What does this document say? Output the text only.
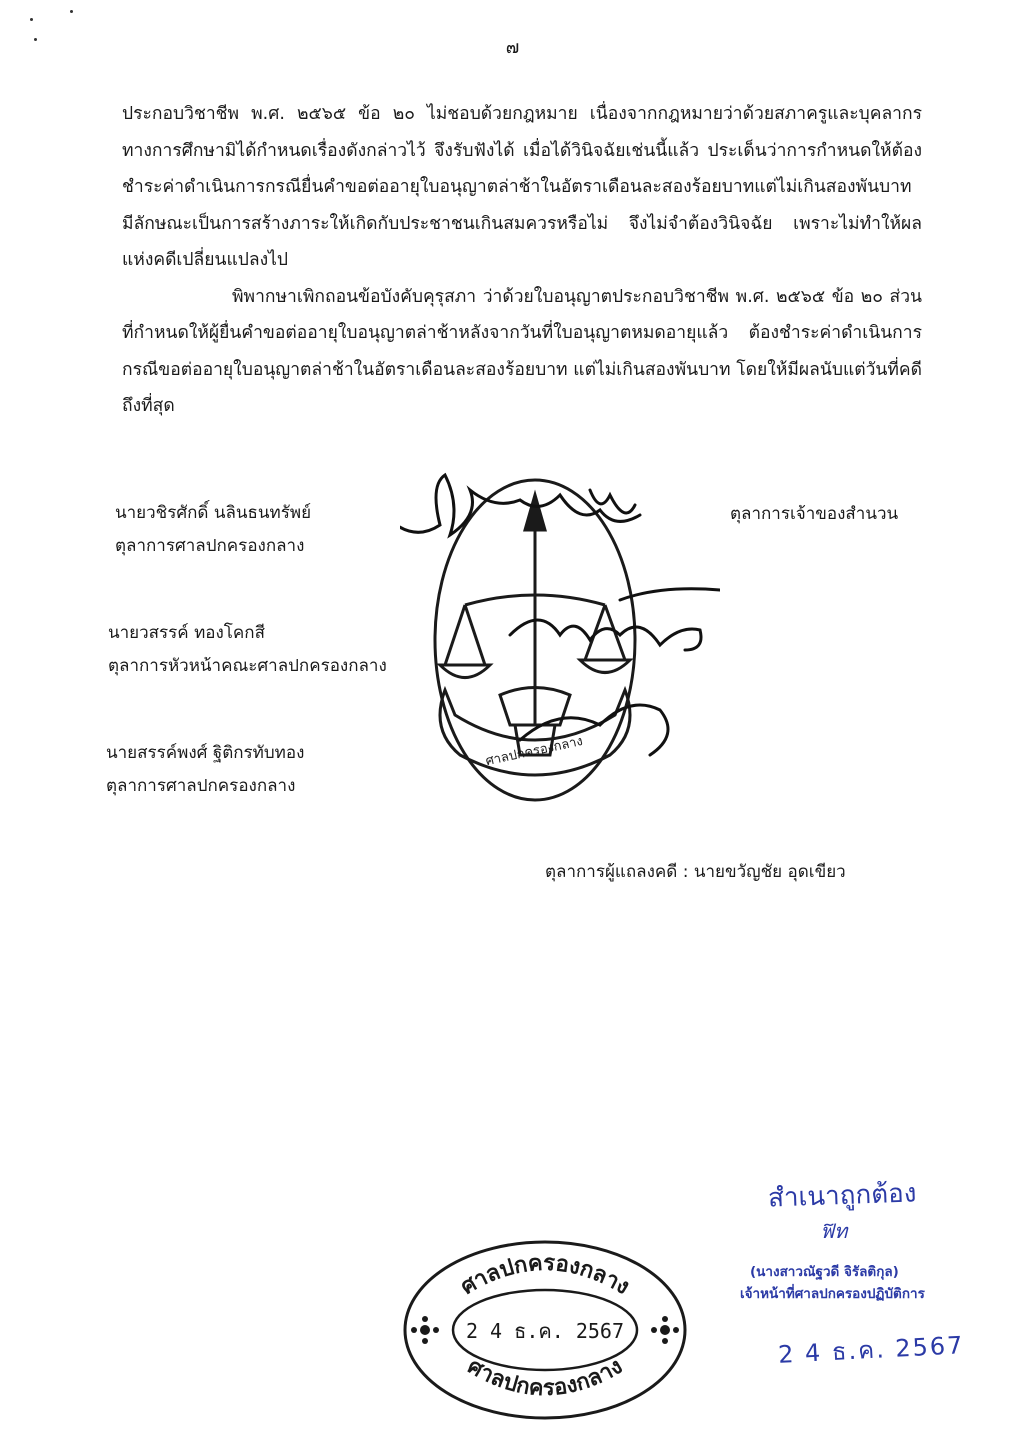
๗

ประกอบวิชาชีพ พ.ศ. ๒๕๖๕ ข้อ ๒๐ ไม่ชอบด้วยกฎหมาย เนื่องจากกฎหมายว่าด้วยสภาครูและบุคลากรทางการศึกษามิได้กำหนดเรื่องดังกล่าวไว้ จึงรับฟังได้ เมื่อได้วินิจฉัยเช่นนี้แล้ว ประเด็นว่าการกำหนดให้ต้องชำระค่าดำเนินการกรณียื่นคำขอต่ออายุใบอนุญาตล่าช้าในอัตราเดือนละสองร้อยบาทแต่ไม่เกินสองพันบาท มีลักษณะเป็นการสร้างภาระให้เกิดกับประชาชนเกินสมควรหรือไม่ จึงไม่จำต้องวินิจฉัย เพราะไม่ทำให้ผลแห่งคดีเปลี่ยนแปลงไป

พิพากษาเพิกถอนข้อบังคับคุรุสภา ว่าด้วยใบอนุญาตประกอบวิชาชีพ พ.ศ. ๒๕๖๕ ข้อ ๒๐ ส่วนที่กำหนดให้ผู้ยื่นคำขอต่ออายุใบอนุญาตล่าช้าหลังจากวันที่ใบอนุญาตหมดอายุแล้ว ต้องชำระค่าดำเนินการกรณีขอต่ออายุใบอนุญาตล่าช้าในอัตราเดือนละสองร้อยบาท แต่ไม่เกินสองพันบาท โดยให้มีผลนับแต่วันที่คดีถึงที่สุด

นายวชิรศักดิ์ นลินธนทรัพย์
ตุลาการศาลปกครองกลาง
นายวสรรค์ ทองโคกสี
ตุลาการหัวหน้าคณะศาลปกครองกลาง
นายสรรค์พงศ์ ฐิติกรทับทอง
ตุลาการศาลปกครองกลาง
ตุลาการเจ้าของสำนวน
ศาลปกครองกลาง
ตุลาการผู้แถลงคดี : นายขวัญชัย อุดเขียว
ศาลปกครองกลาง
ศาลปกครองกลาง
2 4 ธ.ค. 2567
สำเนาถูกต้อง
ฟ̃ท
(นางสาวณัฐวดี จิรัลติกุล)
เจ้าหน้าที่ศาลปกครองปฏิบัติการ
2 4 ธ.ค. 2567
